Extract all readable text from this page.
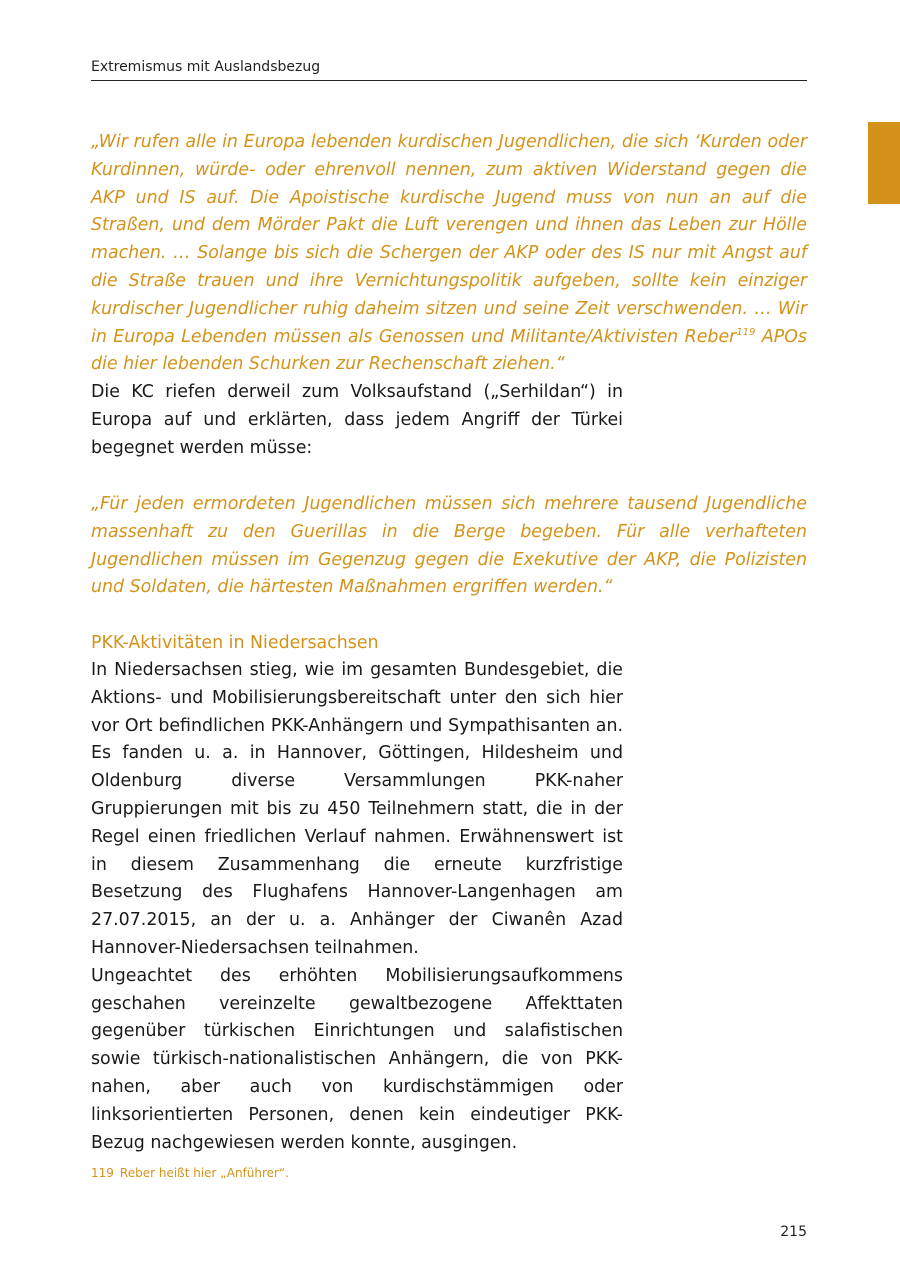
Extremismus mit Auslandsbezug
„Wir rufen alle in Europa lebenden kurdischen Jugendlichen, die sich ‘Kurden oder Kurdinnen, würde- oder ehrenvoll nennen, zum aktiven Widerstand gegen die AKP und IS auf. Die Apoistische kurdische Jugend muss von nun an auf die Straßen, und dem Mörder Pakt die Luft verengen und ihnen das Leben zur Hölle machen. … Solange bis sich die Schergen der AKP oder des IS nur mit Angst auf die Straße trauen und ihre Vernichtungspolitik aufgeben, sollte kein einziger kurdischer Jugendlicher ruhig daheim sitzen und seine Zeit verschwenden. … Wir in Europa Lebenden müssen als Genossen und Militante/Aktivisten Reber$^{119}$ APOs die hier lebenden Schurken zur Rechenschaft ziehen.“
Die KC riefen derweil zum Volksaufstand („Serhildan“) in Europa auf und erklärten, dass jedem Angriff der Türkei begegnet werden müsse:
„Für jeden ermordeten Jugendlichen müssen sich mehrere tausend Jugendliche massenhaft zu den Guerillas in die Berge begeben. Für alle verhafteten Jugendlichen müssen im Gegenzug gegen die Exekutive der AKP, die Polizisten und Soldaten, die härtesten Maßnahmen ergriffen werden.“
PKK-Aktivitäten in Niedersachsen
In Niedersachsen stieg, wie im gesamten Bundesgebiet, die Aktions- und Mobilisierungsbereitschaft unter den sich hier vor Ort befindlichen PKK-Anhängern und Sympathisanten an. Es fanden u. a. in Hannover, Göttingen, Hildesheim und Oldenburg diverse Versammlungen PKK-naher Gruppierungen mit bis zu 450 Teilnehmern statt, die in der Regel einen friedlichen Verlauf nahmen. Erwähnenswert ist in diesem Zusammenhang die erneute kurzfristige Besetzung des Flughafens Hannover-Langenhagen am 27.07.2015, an der u. a. Anhänger der Ciwanên Azad Hannover-Niedersachsen teilnahmen.
Ungeachtet des erhöhten Mobilisierungsaufkommens geschahen vereinzelte gewaltbezogene Affekttaten gegenüber türkischen Einrichtungen und salafistischen sowie türkisch-nationalistischen Anhängern, die von PKK-nahen, aber auch von kurdischstämmigen oder linksorientierten Personen, denen kein eindeutiger PKK-Bezug nachgewiesen werden konnte, ausgingen.
119 Reber heißt hier „Anführer“.
215
